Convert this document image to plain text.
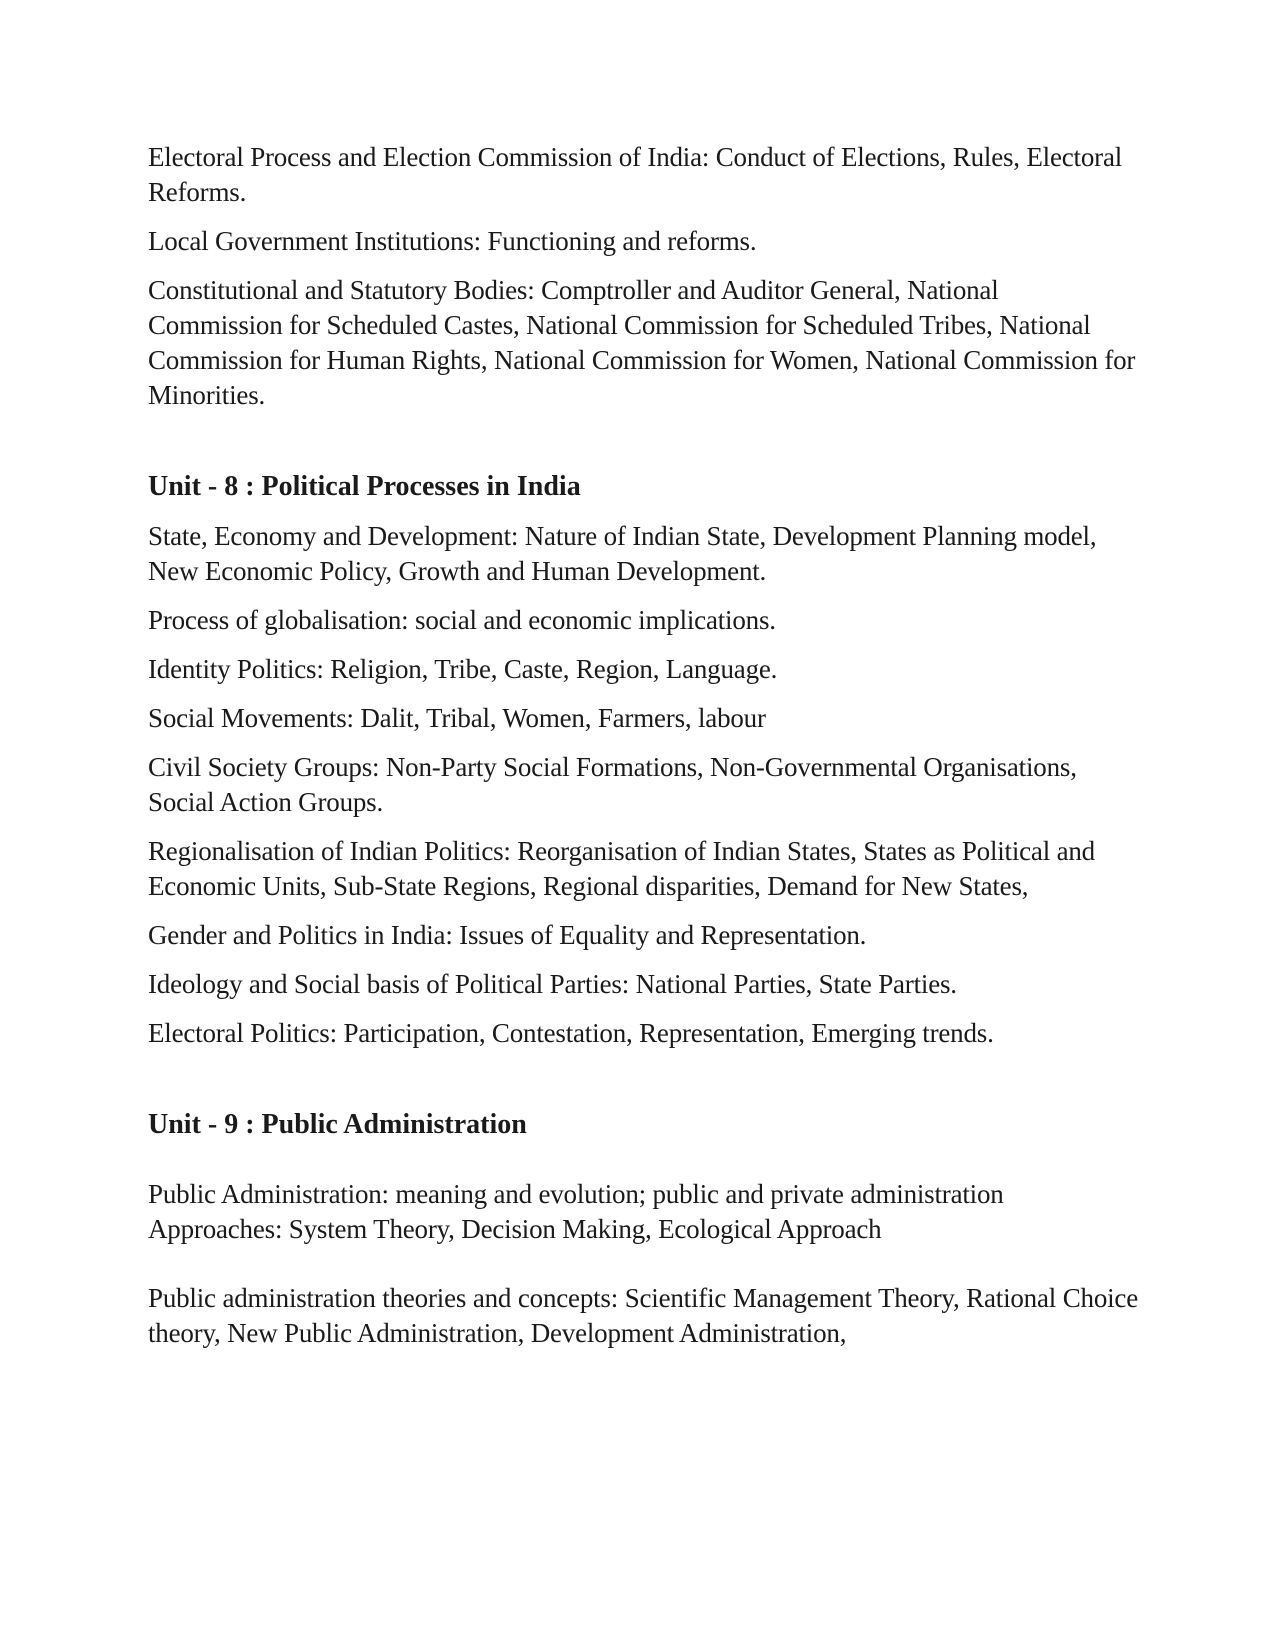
Electoral Process and Election Commission of India: Conduct of Elections, Rules, Electoral Reforms.

Local Government Institutions: Functioning and reforms.

Constitutional and Statutory Bodies: Comptroller and Auditor General, National Commission for Scheduled Castes, National Commission for Scheduled Tribes, National Commission for Human Rights, National Commission for Women, National Commission for Minorities.

Unit - 8 : Political Processes in India

State, Economy and Development: Nature of Indian State, Development Planning model, New Economic Policy, Growth and Human Development.

Process of globalisation: social and economic implications.

Identity Politics: Religion, Tribe, Caste, Region, Language.

Social Movements: Dalit, Tribal, Women, Farmers, labour

Civil Society Groups: Non-Party Social Formations, Non-Governmental Organisations, Social Action Groups.

Regionalisation of Indian Politics: Reorganisation of Indian States, States as Political and Economic Units, Sub-State Regions, Regional disparities, Demand for New States,

Gender and Politics in India: Issues of Equality and Representation.

Ideology and Social basis of Political Parties: National Parties, State Parties.

Electoral Politics: Participation, Contestation, Representation, Emerging trends.

Unit - 9 : Public Administration

Public Administration: meaning and evolution; public and private administration Approaches: System Theory, Decision Making, Ecological Approach

Public administration theories and concepts: Scientific Management Theory, Rational Choice theory, New Public Administration, Development Administration,
